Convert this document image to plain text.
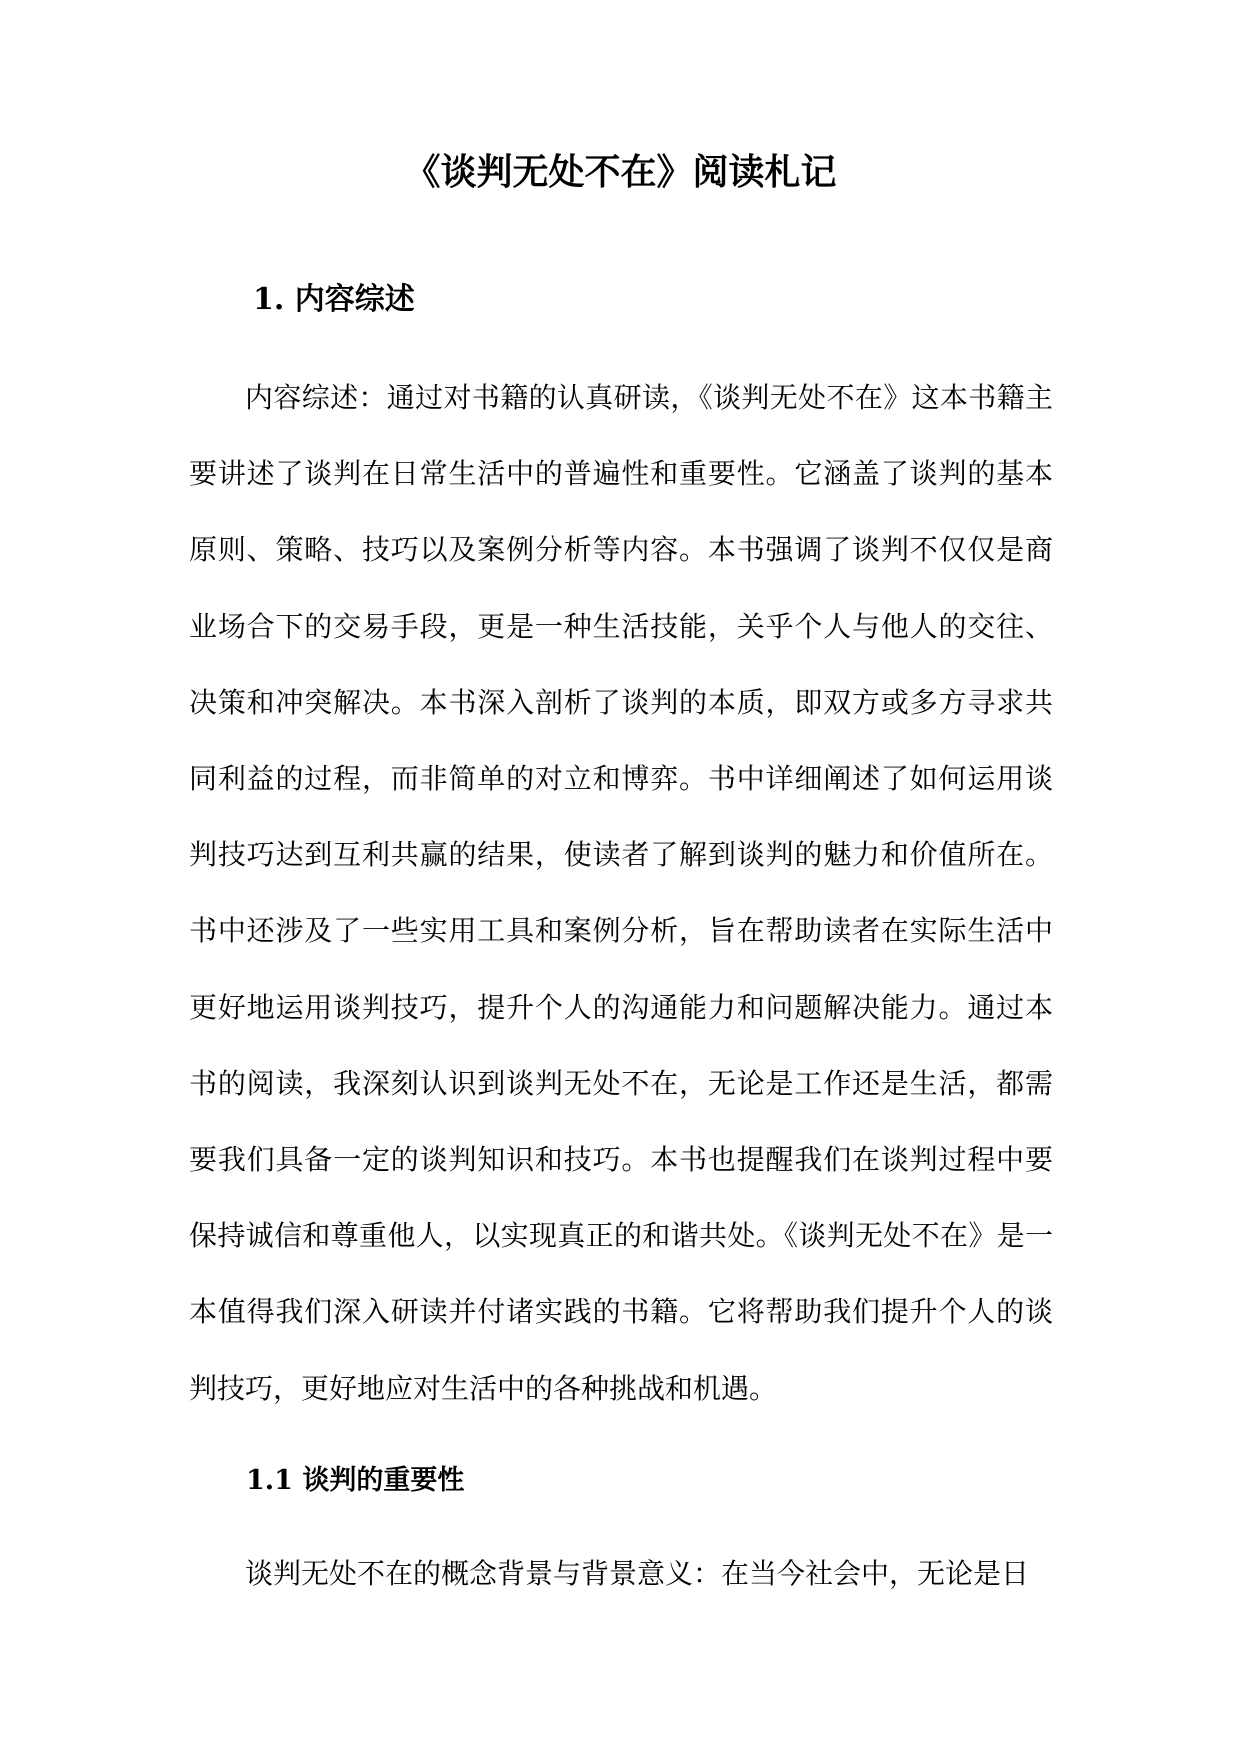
《谈判无处不在》阅读札记
1. 内容综述

内容综述：通过对书籍的认真研读，《谈判无处不在》这本书籍主要讲述了谈判在日常生活中的普遍性和重要性。它涵盖了谈判的基本原则、策略、技巧以及案例分析等内容。本书强调了谈判不仅仅是商业场合下的交易手段，更是一种生活技能，关乎个人与他人的交往、决策和冲突解决。本书深入剖析了谈判的本质，即双方或多方寻求共同利益的过程，而非简单的对立和博弈。书中详细阐述了如何运用谈判技巧达到互利共赢的结果，使读者了解到谈判的魅力和价值所在。书中还涉及了一些实用工具和案例分析，旨在帮助读者在实际生活中更好地运用谈判技巧，提升个人的沟通能力和问题解决能力。通过本书的阅读，我深刻认识到谈判无处不在，无论是工作还是生活，都需要我们具备一定的谈判知识和技巧。本书也提醒我们在谈判过程中要保持诚信和尊重他人，以实现真正的和谐共处。《谈判无处不在》是一本值得我们深入研读并付诸实践的书籍。它将帮助我们提升个人的谈判技巧，更好地应对生活中的各种挑战和机遇。

1.1 谈判的重要性

谈判无处不在的概念背景与背景意义：在当今社会中，无论是日
